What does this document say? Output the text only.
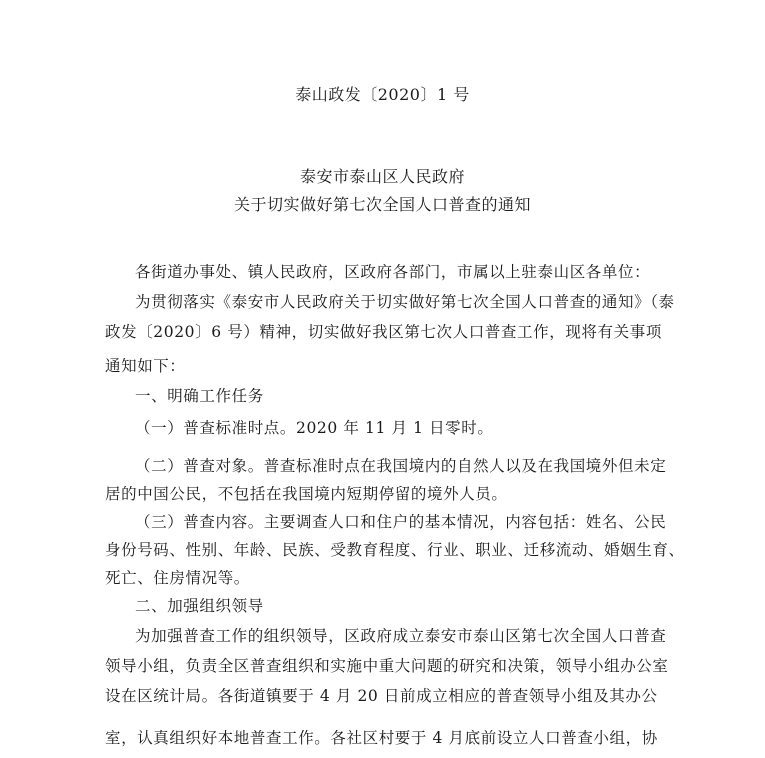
泰山政发〔2020〕1 号
泰安市泰山区人民政府
关于切实做好第七次全国人口普查的通知
各街道办事处、镇人民政府，区政府各部门，市属以上驻泰山区各单位：
为贯彻落实《泰安市人民政府关于切实做好第七次全国人口普查的通知》（泰
政发〔2020〕6 号）精神，切实做好我区第七次人口普查工作，现将有关事项
通知如下：
一、明确工作任务
（一）普查标准时点。2020 年 11 月 1 日零时。
（二）普查对象。普查标准时点在我国境内的自然人以及在我国境外但未定
居的中国公民，不包括在我国境内短期停留的境外人员。
（三）普查内容。主要调查人口和住户的基本情况，内容包括：姓名、公民
身份号码、性别、年龄、民族、受教育程度、行业、职业、迁移流动、婚姻生育、
死亡、住房情况等。
二、加强组织领导
为加强普查工作的组织领导，区政府成立泰安市泰山区第七次全国人口普查
领导小组，负责全区普查组织和实施中重大问题的研究和决策，领导小组办公室
设在区统计局。各街道镇要于 4 月 20 日前成立相应的普查领导小组及其办公
室，认真组织好本地普查工作。各社区村要于 4 月底前设立人口普查小组，协
